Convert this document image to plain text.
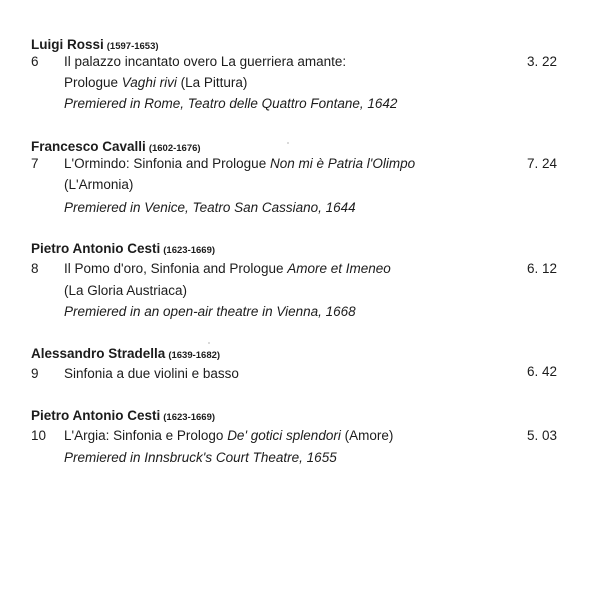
Luigi Rossi (1597-1653)
6	Il palazzo incantato overo La guerriera amante:	3. 22
Prologue Vaghi rivi (La Pittura)
Premiered in Rome, Teatro delle Quattro Fontane, 1642
Francesco Cavalli (1602-1676)
7	L'Ormindo: Sinfonia and Prologue Non mi è Patria l'Olimpo	7. 24
(L'Armonia)
Premiered in Venice, Teatro San Cassiano, 1644
Pietro Antonio Cesti (1623-1669)
8	Il Pomo d'oro, Sinfonia and Prologue Amore et Imeneo	6. 12
(La Gloria Austriaca)
Premiered in an open-air theatre in Vienna, 1668
Alessandro Stradella (1639-1682)
9	Sinfonia a due violini e basso	6. 42
Pietro Antonio Cesti (1623-1669)
10	L'Argia: Sinfonia e Prologo De' gotici splendori (Amore)	5. 03
Premiered in Innsbruck's Court Theatre, 1655
